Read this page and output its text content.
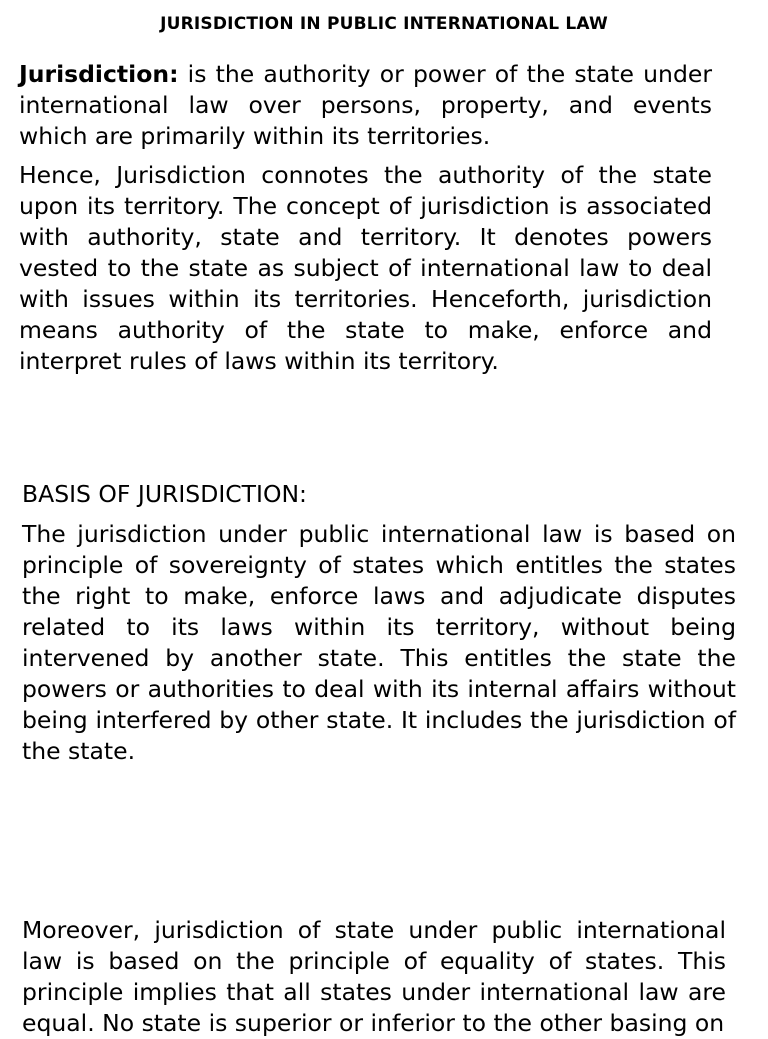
JURISDICTION IN PUBLIC INTERNATIONAL LAW

Jurisdiction: is the authority or power of the state under international law over persons, property, and events which are primarily within its territories.

Hence, Jurisdiction connotes the authority of the state upon its territory. The concept of jurisdiction is associated with authority, state and territory. It denotes powers vested to the state as subject of international law to deal with issues within its territories. Henceforth, jurisdiction means authority of the state to make, enforce and interpret rules of laws within its territory.

BASIS OF JURISDICTION:

The jurisdiction under public international law is based on principle of sovereignty of states which entitles the states the right to make, enforce laws and adjudicate disputes related to its laws within its territory, without being intervened by another state. This entitles the state the powers or authorities to deal with its internal affairs without being interfered by other state. It includes the jurisdiction of the state.

Moreover, jurisdiction of state under public international law is based on the principle of equality of states. This principle implies that all states under international law are equal. No state is superior or inferior to the other basing on
